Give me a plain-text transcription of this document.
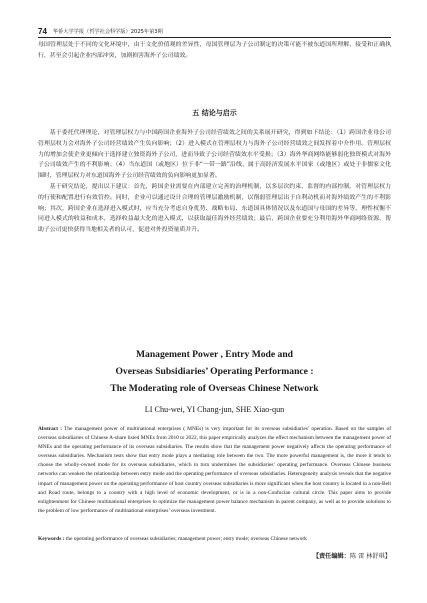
74 华侨大学学报（哲学社会科学版）2025年第3期

母国管理层处于不同的文化环境中，由于文化价值观的差异性，母国管理层为子公司制定的决策可能不被东道国所理解、接受和正确执行，甚至会引起企业内部冲突，加剧损害海外子公司绩效。

五 结论与启示

基于委托代理理论，对管理层权力与中国跨国企业海外子公司经营绩效之间的关系展开研究，得到如下结论：（1）跨国企业母公司管理层权力会对海外子公司经营绩效产生负向影响；（2）进入模式在管理层权力与海外子公司经营绩效之间发挥着中介作用。管理层权力的增加会使企业更倾向于选择建立独资海外子公司，进而导致子公司经营绩效水平受损；（3）海外华商网络能够弱化独资模式对海外子公司绩效产生的不利影响；（4）当东道国（或地区）位于非“一带一路”沿线、属于高经济发展水平国家（或地区）或处于非儒家文化圈时，管理层权力对东道国海外子公司经营绩效的负向影响更加显著。

基于研究结论，提出以下建议：首先，跨国企业需要在内部建立完善的治理机制，以多层次约束、监督的内部控制，对管理层权力的行使和配置进行有效管控。同时，企业可以通过设计合理的管理层激励机制，以削弱管理层出于自利动机而对海外绩效产生的不利影响；其次，跨国企业在选择进入模式时，应当充分考虑自身优势、战略布局、东道国具体情况以及东道国与母国的差异等，理性权衡不同进入模式的收益和成本，选择收益最大化的进入模式，以获取最佳海外经营绩效；最后，跨国企业要充分利用海外华商网络资源，帮助子公司更快获得当地相关者的认可，促进对外投资量质并升。

Management Power , Entry Mode and
Overseas Subsidiaries’ Operating Performance :
The Moderating role of Overseas Chinese Network
LI Chu-wei, YI Chang-jun, SHE Xiao-qun
Abstract : The management power of multinational enterprises ( MNEs) is very important for its overseas subsidiaries’ operation. Based on the samples of overseas subsidiaries of Chinese A-share listed MNEs from 2010 to 2022, this paper empirically analyzes the effect mechanism between the management power of MNEs and the operating performance of its overseas subsidiaries. The results show that the management power negatively affects the operating performance of overseas subsidiaries. Mechanism tests show that entry mode plays a mediating role between the two. The more powerful management is, the more it tends to choose the wholly-owned mode for its overseas subsidiaries, which in turn undermines the subsidiaries’ operating performance. Overseas Chinese business networks can weaken the relationship between entry mode and the operating performance of overseas subsidiaries. Heterogeneity analysis reveals that the negative impact of management power on the operating performance of host country overseas subsidiaries is more significant when the host country is located in a non-Belt and Road route, belongs to a country with a high level of economic development, or is in a non-Confucian cultural circle. This paper aims to provide enlightenment for Chinese multinational enterprises to optimize the management power balance mechanism in parent company, as well as to provide solutions to the problem of low performance of multinational enterprises’ overseas investment.
Keywords : the operating performance of overseas subsidiaries; management power; entry mode; overseas Chinese network
【责任编辑：陈 雷 林舒琪】
